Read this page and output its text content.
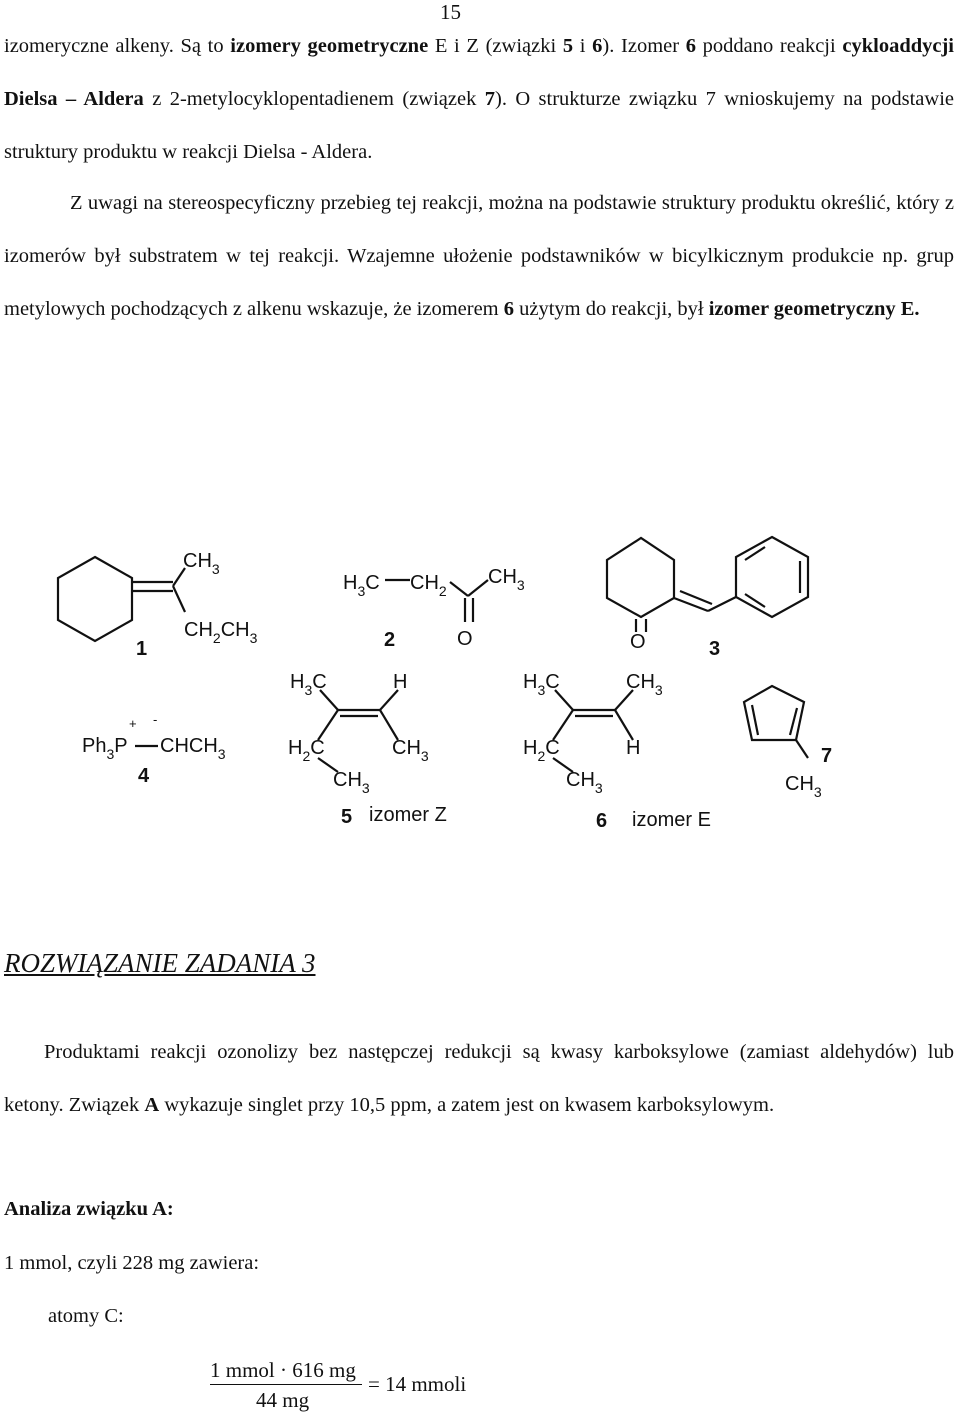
15

izomeryczne alkeny. Są to izomery geometryczne E i Z (związki 5 i 6). Izomer 6 poddano reakcji cykloaddycji Dielsa – Aldera z 2-metylocyklopentadienem (związek 7). O strukturze związku 7 wnioskujemy na podstawie struktury produktu w reakcji Dielsa - Aldera.

Z uwagi na stereospecyficzny przebieg tej reakcji, można na podstawie struktury produktu określić, który z izomerów był substratem w tej reakcji. Wzajemne ułożenie podstawników w bicylkicznym produkcie np. grup metylowych pochodzących z alkenu wskazuje, że izomerem 6 użytym do reakcji, był izomer geometryczny E.

$CH_3$
$CH_2CH_3$
1
$H_3C$ $CH_2$
$CH_3$
2	O	O	3
+ -
$Ph_3P$ $CHCH_3$
4
$H_3C$	H
$H_2C$	$CH_3$
$CH_3$
5 izomer Z
$H_3C$	$CH_3$
$H_2C$	H
$CH_3$
6 izomer E
7
$CH_3$
ROZWIĄZANIE ZADANIA 3

Produktami reakcji ozonolizy bez następczej redukcji są kwasy karboksylowe (zamiast aldehydów) lub ketony. Związek A wykazuje singlet przy 10,5 ppm, a zatem jest on kwasem karboksylowym.

Analiza związku A:
1 mmol, czyli 228 mg zawiera:
atomy C:
1 mmol · 616 mg
44 mg
= 14 mmoli
